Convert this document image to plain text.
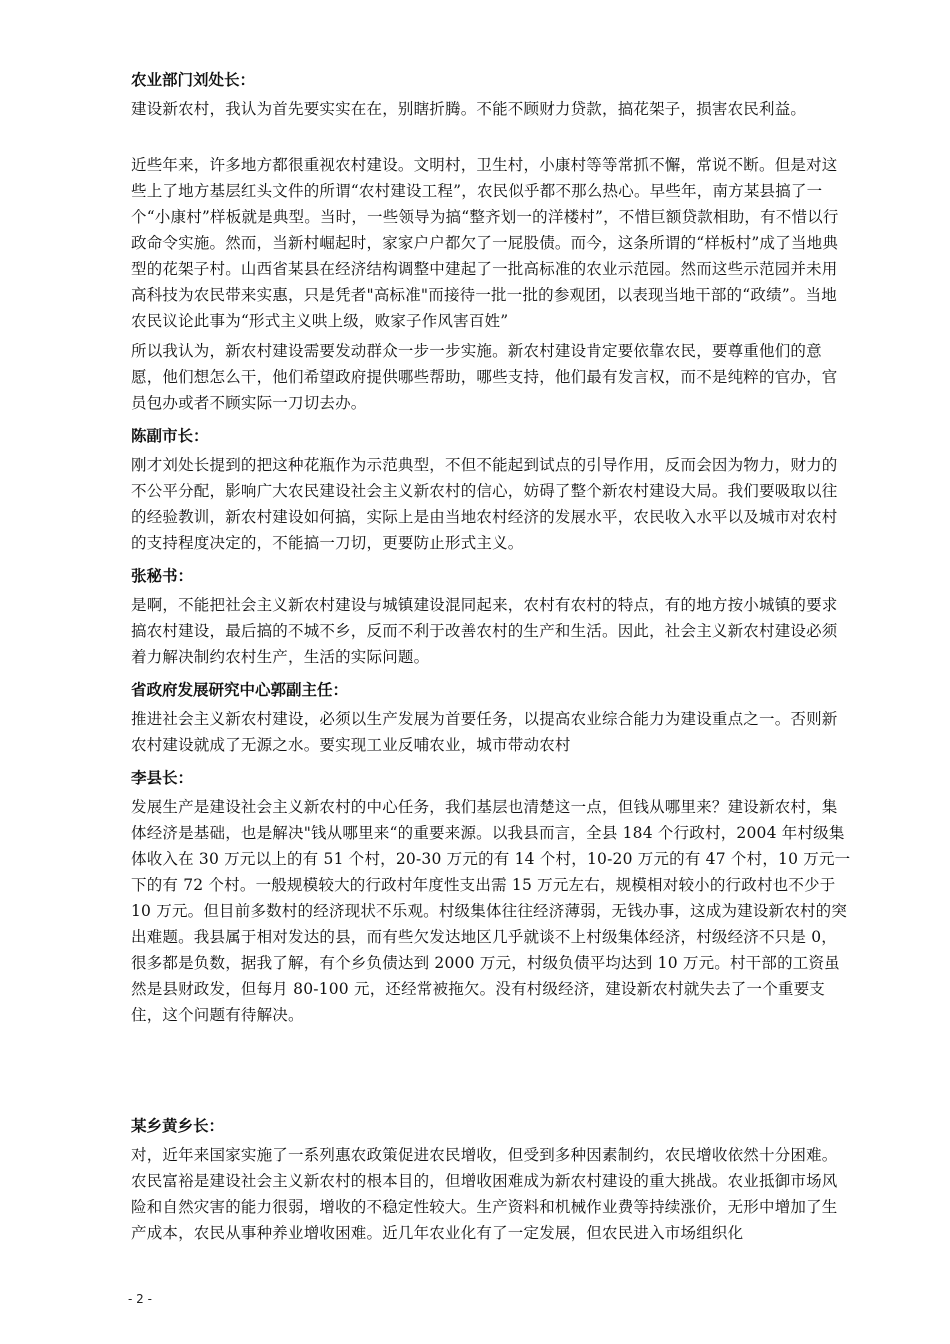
农业部门刘处长：

建设新农村，我认为首先要实实在在，别瞎折腾。不能不顾财力贷款，搞花架子，损害农民利益。

近些年来，许多地方都很重视农村建设。文明村，卫生村，小康村等等常抓不懈，常说不断。但是对这些上了地方基层红头文件的所谓“农村建设工程”，农民似乎都不那么热心。早些年，南方某县搞了一个“小康村”样板就是典型。当时，一些领导为搞“整齐划一的洋楼村”，不惜巨额贷款相助，有不惜以行政命令实施。然而，当新村崛起时，家家户户都欠了一屁股债。而今，这条所谓的“样板村”成了当地典型的花架子村。山西省某县在经济结构调整中建起了一批高标准的农业示范园。然而这些示范园并未用高科技为农民带来实惠，只是凭者"高标准"而接待一批一批的参观团，以表现当地干部的“政绩”。当地农民议论此事为“形式主义哄上级，败家子作风害百姓”

所以我认为，新农村建设需要发动群众一步一步实施。新农村建设肯定要依靠农民，要尊重他们的意愿，他们想怎么干，他们希望政府提供哪些帮助，哪些支持，他们最有发言权，而不是纯粹的官办，官员包办或者不顾实际一刀切去办。

陈副市长：

刚才刘处长提到的把这种花瓶作为示范典型，不但不能起到试点的引导作用，反而会因为物力，财力的不公平分配，影响广大农民建设社会主义新农村的信心，妨碍了整个新农村建设大局。我们要吸取以往的经验教训，新农村建设如何搞，实际上是由当地农村经济的发展水平，农民收入水平以及城市对农村的支持程度决定的，不能搞一刀切，更要防止形式主义。

张秘书：

是啊，不能把社会主义新农村建设与城镇建设混同起来，农村有农村的特点，有的地方按小城镇的要求搞农村建设，最后搞的不城不乡，反而不利于改善农村的生产和生活。因此，社会主义新农村建设必须着力解决制约农村生产，生活的实际问题。

省政府发展研究中心郭副主任：

推进社会主义新农村建设，必须以生产发展为首要任务，以提高农业综合能力为建设重点之一。否则新农村建设就成了无源之水。要实现工业反哺农业，城市带动农村

李县长：

发展生产是建设社会主义新农村的中心任务，我们基层也清楚这一点，但钱从哪里来？建设新农村，集体经济是基础，也是解决"钱从哪里来“的重要来源。以我县而言，全县 184 个行政村，2004 年村级集体收入在 30 万元以上的有 51 个村，20-30 万元的有 14 个村，10-20 万元的有 47 个村，10 万元一下的有 72 个村。一般规模较大的行政村年度性支出需 15 万元左右，规模相对较小的行政村也不少于 10 万元。但目前多数村的经济现状不乐观。村级集体往往经济薄弱，无钱办事，这成为建设新农村的突出难题。我县属于相对发达的县，而有些欠发达地区几乎就谈不上村级集体经济，村级经济不只是 0，很多都是负数，据我了解，有个乡负债达到 2000 万元，村级负债平均达到 10 万元。村干部的工资虽然是县财政发，但每月 80-100 元，还经常被拖欠。没有村级经济，建设新农村就失去了一个重要支住，这个问题有待解决。

某乡黄乡长：

对，近年来国家实施了一系列惠农政策促进农民增收，但受到多种因素制约，农民增收依然十分困难。农民富裕是建设社会主义新农村的根本目的，但增收困难成为新农村建设的重大挑战。农业抵御市场风险和自然灾害的能力很弱，增收的不稳定性较大。生产资料和机械作业费等持续涨价，无形中增加了生产成本，农民从事种养业增收困难。近几年农业化有了一定发展，但农民进入市场组织化

- 2 -
